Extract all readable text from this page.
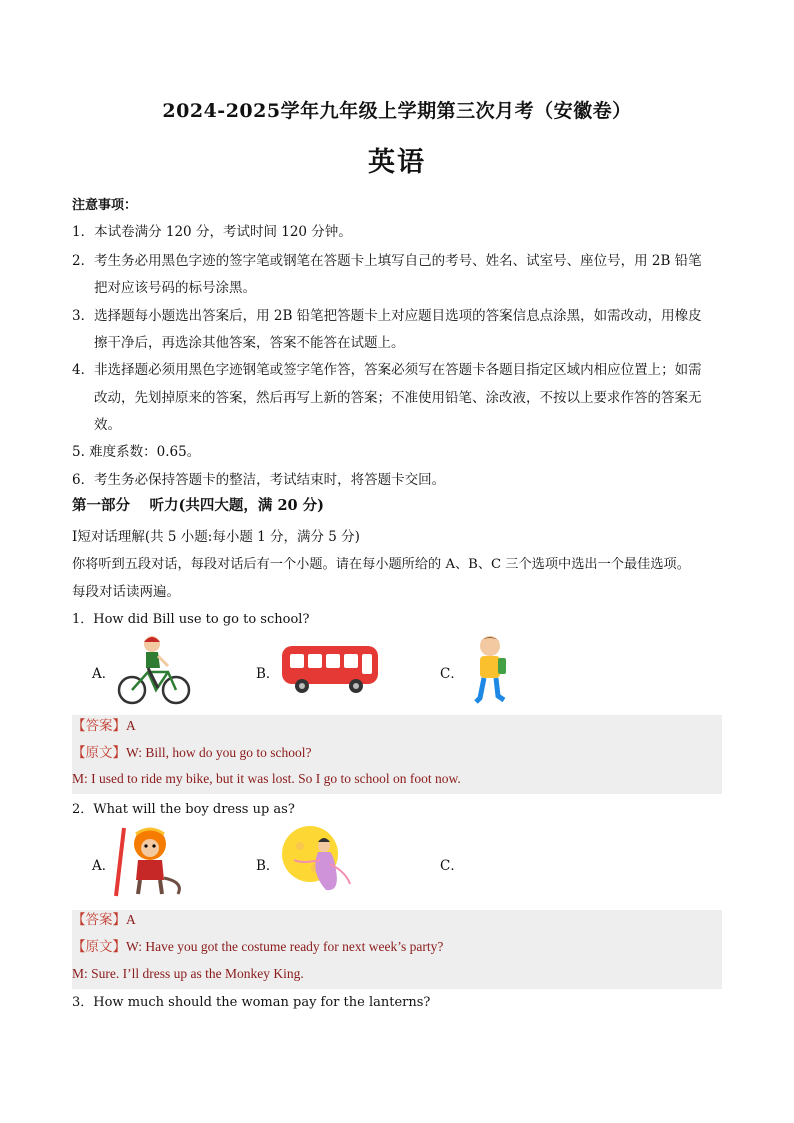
2024-2025学年九年级上学期第三次月考（安徽卷）
英语
注意事项：
1．本试卷满分 120 分，考试时间 120 分钟。
2．考生务必用黑色字迹的签字笔或钢笔在答题卡上填写自己的考号、姓名、试室号、座位号，用 2B 铅笔
把对应该号码的标号涂黑。
3．选择题每小题选出答案后，用 2B 铅笔把答题卡上对应题目选项的答案信息点涂黑，如需改动，用橡皮
擦干净后，再选涂其他答案，答案不能答在试题上。
4．非选择题必须用黑色字迹钢笔或签字笔作答，答案必须写在答题卡各题目指定区域内相应位置上；如需
改动，先划掉原来的答案，然后再写上新的答案；不准使用铅笔、涂改液，不按以上要求作答的答案无
效。
5. 难度系数：0.65。
6．考生务必保持答题卡的整洁，考试结束时，将答题卡交回。
第一部分　 听力(共四大题，满 20 分)
Ⅰ短对话理解(共 5 小题:每小题 1 分，满分 5 分)
你将听到五段对话，每段对话后有一个小题。请在每小题所给的 A、B、C 三个选项中选出一个最佳选项。
每段对话读两遍。
1．How did Bill use to go to school?
A．	B．	C．
【答案】A
【原文】W: Bill, how do you go to school?
M: I used to ride my bike, but it was lost. So I go to school on foot now.
2．What will the boy dress up as?
A．	B．	C．
【答案】A
【原文】W: Have you got the costume ready for next week’s party?
M: Sure. I’ll dress up as the Monkey King.
3．How much should the woman pay for the lanterns?
